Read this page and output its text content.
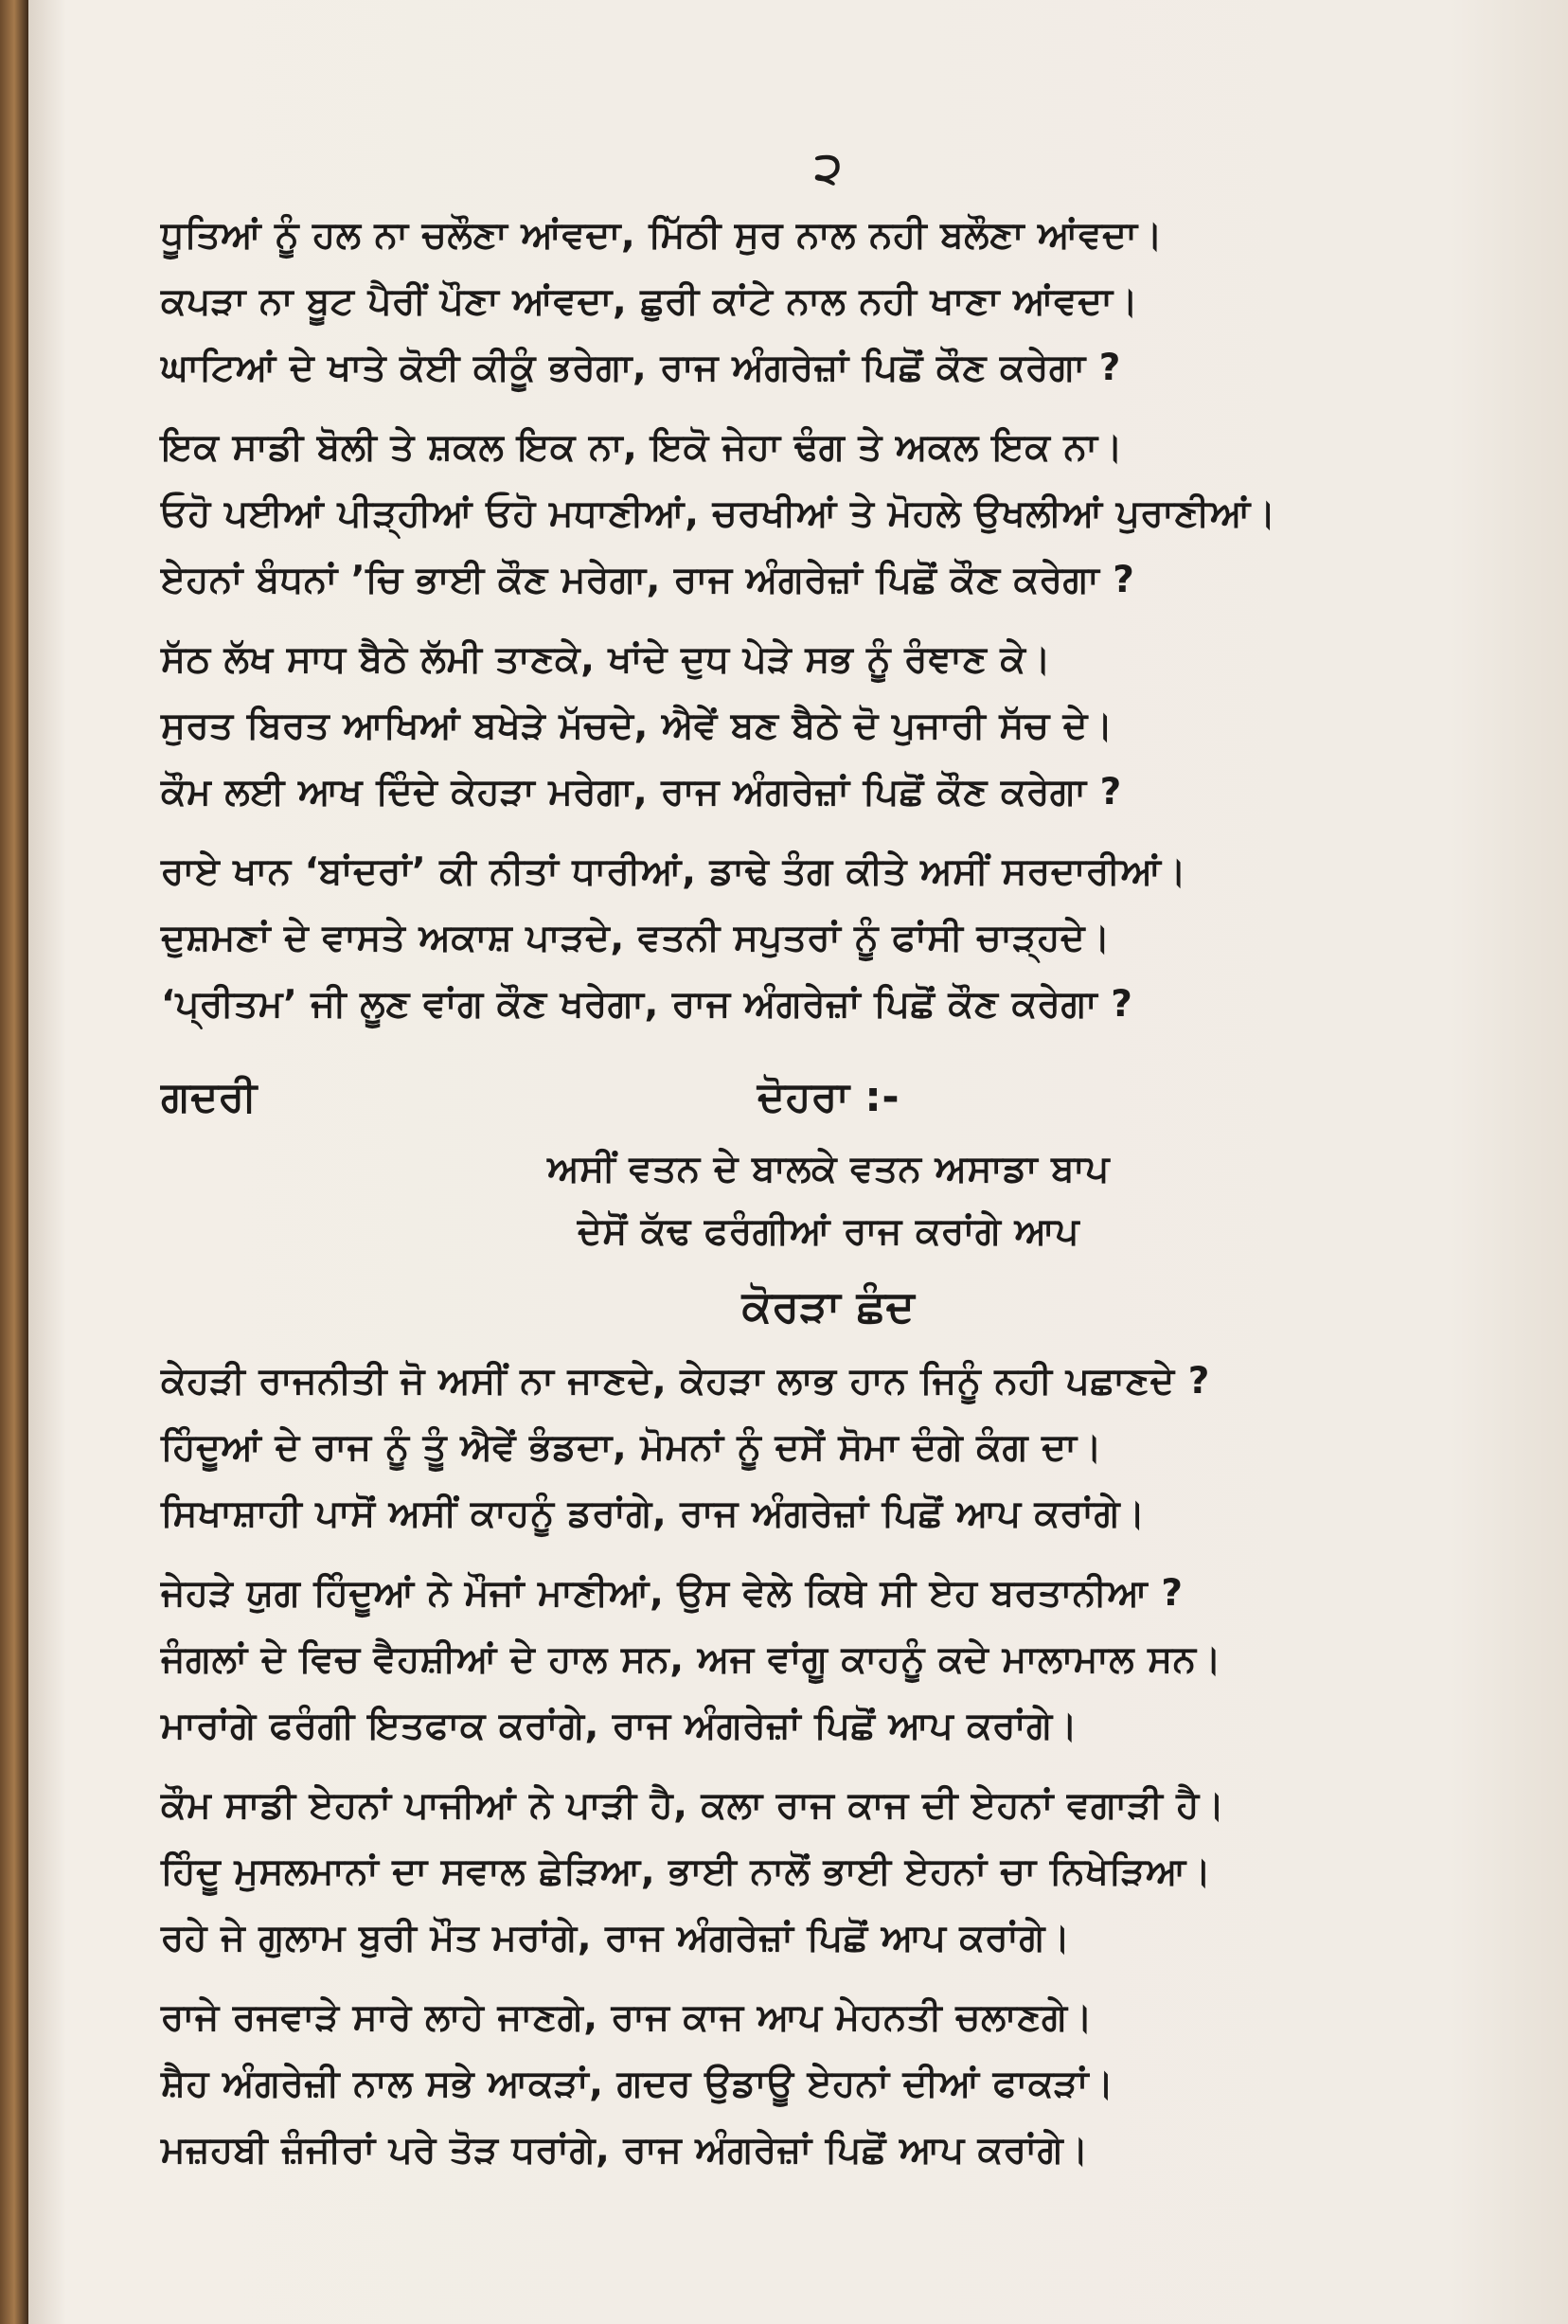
੨
ਧੂਤਿਆਂ ਨੂੰ ਹਲ ਨਾ ਚਲੌਣਾ ਆਂਵਦਾ, ਮਿੱਠੀ ਸੁਰ ਨਾਲ ਨਹੀ ਬਲੌਣਾ ਆਂਵਦਾ।
ਕਪੜਾ ਨਾ ਬੂਟ ਪੈਰੀਂ ਪੌਣਾ ਆਂਵਦਾ, ਛੁਰੀ ਕਾਂਟੇ ਨਾਲ ਨਹੀ ਖਾਣਾ ਆਂਵਦਾ।
ਘਾਟਿਆਂ ਦੇ ਖਾਤੇ ਕੋਈ ਕੀਕੂੰ ਭਰੇਗਾ, ਰਾਜ ਅੰਗਰੇਜ਼ਾਂ ਪਿਛੋਂ ਕੌਣ ਕਰੇਗਾ ?
ਇਕ ਸਾਡੀ ਬੋਲੀ ਤੇ ਸ਼ਕਲ ਇਕ ਨਾ, ਇਕੋ ਜੇਹਾ ਢੰਗ ਤੇ ਅਕਲ ਇਕ ਨਾ।
ਓਹੋ ਪਈਆਂ ਪੀੜ੍ਹੀਆਂ ਓਹੋ ਮਧਾਣੀਆਂ, ਚਰਖੀਆਂ ਤੇ ਮੋਹਲੇ ਉਖਲੀਆਂ ਪੁਰਾਣੀਆਂ।
ਏਹਨਾਂ ਬੰਧਨਾਂ ’ਚਿ ਭਾਈ ਕੌਣ ਮਰੇਗਾ, ਰਾਜ ਅੰਗਰੇਜ਼ਾਂ ਪਿਛੋਂ ਕੌਣ ਕਰੇਗਾ ?
ਸੱਠ ਲੱਖ ਸਾਧ ਬੈਠੇ ਲੱਮੀ ਤਾਣਕੇ, ਖਾਂਦੇ ਦੁਧ ਪੇੜੇ ਸਭ ਨੂੰ ਰੰਞਾਣ ਕੇ।
ਸੁਰਤ ਬਿਰਤ ਆਖਿਆਂ ਬਖੇੜੇ ਮੱਚਦੇ, ਐਵੇਂ ਬਣ ਬੈਠੇ ਦੋ ਪੁਜਾਰੀ ਸੱਚ ਦੇ।
ਕੌਮ ਲਈ ਆਖ ਦਿੰਦੇ ਕੇਹੜਾ ਮਰੇਗਾ, ਰਾਜ ਅੰਗਰੇਜ਼ਾਂ ਪਿਛੋਂ ਕੌਣ ਕਰੇਗਾ ?
ਰਾਏ ਖਾਨ ‘ਬਾਂਦਰਾਂ’ ਕੀ ਨੀਤਾਂ ਧਾਰੀਆਂ, ਡਾਢੇ ਤੰਗ ਕੀਤੇ ਅਸੀਂ ਸਰਦਾਰੀਆਂ।
ਦੁਸ਼ਮਣਾਂ ਦੇ ਵਾਸਤੇ ਅਕਾਸ਼ ਪਾੜਦੇ, ਵਤਨੀ ਸਪੁਤਰਾਂ ਨੂੰ ਫਾਂਸੀ ਚਾੜ੍ਹਦੇ।
‘ਪ੍ਰੀਤਮ’ ਜੀ ਲੂਣ ਵਾਂਗ ਕੌਣ ਖਰੇਗਾ, ਰਾਜ ਅੰਗਰੇਜ਼ਾਂ ਪਿਛੋਂ ਕੌਣ ਕਰੇਗਾ ?
ਗਦਰੀ	ਦੋਹਰਾ :-
ਅਸੀਂ ਵਤਨ ਦੇ ਬਾਲਕੇ ਵਤਨ ਅਸਾਡਾ ਬਾਪ
ਦੇਸੋਂ ਕੱਢ ਫਰੰਗੀਆਂ ਰਾਜ ਕਰਾਂਗੇ ਆਪ
ਕੋਰੜਾ ਛੰਦ
ਕੇਹੜੀ ਰਾਜਨੀਤੀ ਜੋ ਅਸੀਂ ਨਾ ਜਾਣਦੇ, ਕੇਹੜਾ ਲਾਭ ਹਾਨ ਜਿਨੂੰ ਨਹੀ ਪਛਾਣਦੇ ?
ਹਿੰਦੂਆਂ ਦੇ ਰਾਜ ਨੂੰ ਤੂੰ ਐਵੇਂ ਭੰਡਦਾ, ਮੋਮਨਾਂ ਨੂੰ ਦਸੇਂ ਸੋਮਾ ਦੰਗੇ ਕੰਗ ਦਾ।
ਸਿਖਾਸ਼ਾਹੀ ਪਾਸੋਂ ਅਸੀਂ ਕਾਹਨੂੰ ਡਰਾਂਗੇ, ਰਾਜ ਅੰਗਰੇਜ਼ਾਂ ਪਿਛੋਂ ਆਪ ਕਰਾਂਗੇ।
ਜੇਹੜੇ ਯੁਗ ਹਿੰਦੂਆਂ ਨੇ ਮੌਜਾਂ ਮਾਣੀਆਂ, ਉਸ ਵੇਲੇ ਕਿਥੇ ਸੀ ਏਹ ਬਰਤਾਨੀਆ ?
ਜੰਗਲਾਂ ਦੇ ਵਿਚ ਵੈਹਸ਼ੀਆਂ ਦੇ ਹਾਲ ਸਨ, ਅਜ ਵਾਂਗੂ ਕਾਹਨੂੰ ਕਦੇ ਮਾਲਾਮਾਲ ਸਨ।
ਮਾਰਾਂਗੇ ਫਰੰਗੀ ਇਤਫਾਕ ਕਰਾਂਗੇ, ਰਾਜ ਅੰਗਰੇਜ਼ਾਂ ਪਿਛੋਂ ਆਪ ਕਰਾਂਗੇ।
ਕੌਮ ਸਾਡੀ ਏਹਨਾਂ ਪਾਜੀਆਂ ਨੇ ਪਾੜੀ ਹੈ, ਕਲਾ ਰਾਜ ਕਾਜ ਦੀ ਏਹਨਾਂ ਵਗਾੜੀ ਹੈ।
ਹਿੰਦੂ ਮੁਸਲਮਾਨਾਂ ਦਾ ਸਵਾਲ ਛੇੜਿਆ, ਭਾਈ ਨਾਲੋਂ ਭਾਈ ਏਹਨਾਂ ਚਾ ਨਿਖੇੜਿਆ।
ਰਹੇ ਜੇ ਗੁਲਾਮ ਬੁਰੀ ਮੌਤ ਮਰਾਂਗੇ, ਰਾਜ ਅੰਗਰੇਜ਼ਾਂ ਪਿਛੋਂ ਆਪ ਕਰਾਂਗੇ।
ਰਾਜੇ ਰਜਵਾੜੇ ਸਾਰੇ ਲਾਹੇ ਜਾਣਗੇ, ਰਾਜ ਕਾਜ ਆਪ ਮੇਹਨਤੀ ਚਲਾਣਗੇ।
ਸ਼ੈਹ ਅੰਗਰੇਜ਼ੀ ਨਾਲ ਸਭੇ ਆਕੜਾਂ, ਗਦਰ ਉਡਾਊ ਏਹਨਾਂ ਦੀਆਂ ਫਾਕੜਾਂ।
ਮਜ਼ਹਬੀ ਜ਼ੰਜੀਰਾਂ ਪਰੇ ਤੋੜ ਧਰਾਂਗੇ, ਰਾਜ ਅੰਗਰੇਜ਼ਾਂ ਪਿਛੋਂ ਆਪ ਕਰਾਂਗੇ।
